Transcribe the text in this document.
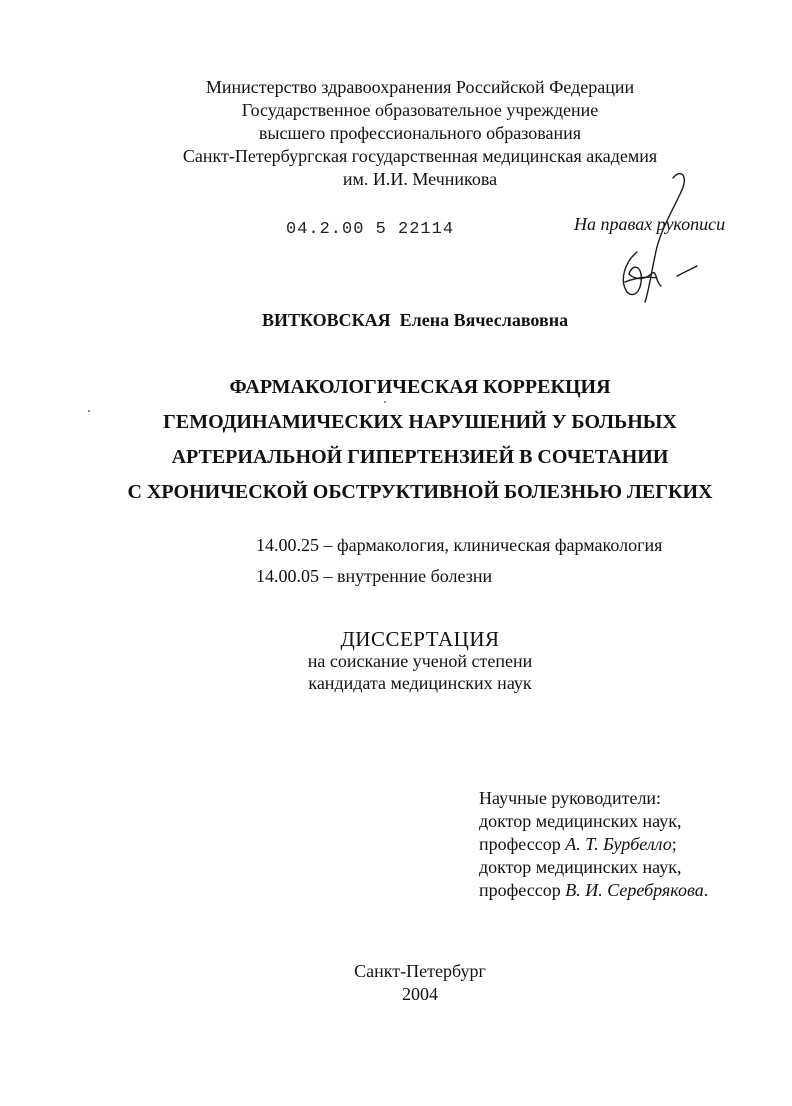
Министерство здравоохранения Российской Федерации
Государственное образовательное учреждение
высшего профессионального образования
Санкт-Петербургская государственная медицинская академия
им. И.И. Мечникова
04.2.00 5 22114	На правах рукописи
ВИТКОВСКАЯ Елена Вячеславовна
ФАРМАКОЛОГИЧЕСКАЯ КОРРЕКЦИЯ
ГЕМОДИНАМИЧЕСКИХ НАРУШЕНИЙ У БОЛЬНЫХ
АРТЕРИАЛЬНОЙ ГИПЕРТЕНЗИЕЙ В СОЧЕТАНИИ
С ХРОНИЧЕСКОЙ ОБСТРУКТИВНОЙ БОЛЕЗНЬЮ ЛЕГКИХ
14.00.25 – фармакология, клиническая фармакология
14.00.05 – внутренние болезни
ДИССЕРТАЦИЯ
на соискание ученой степени
кандидата медицинских наук
Научные руководители:
доктор медицинских наук,
профессор А. Т. Бурбелло;
доктор медицинских наук,
профессор В. И. Серебрякова.
Санкт-Петербург
2004
